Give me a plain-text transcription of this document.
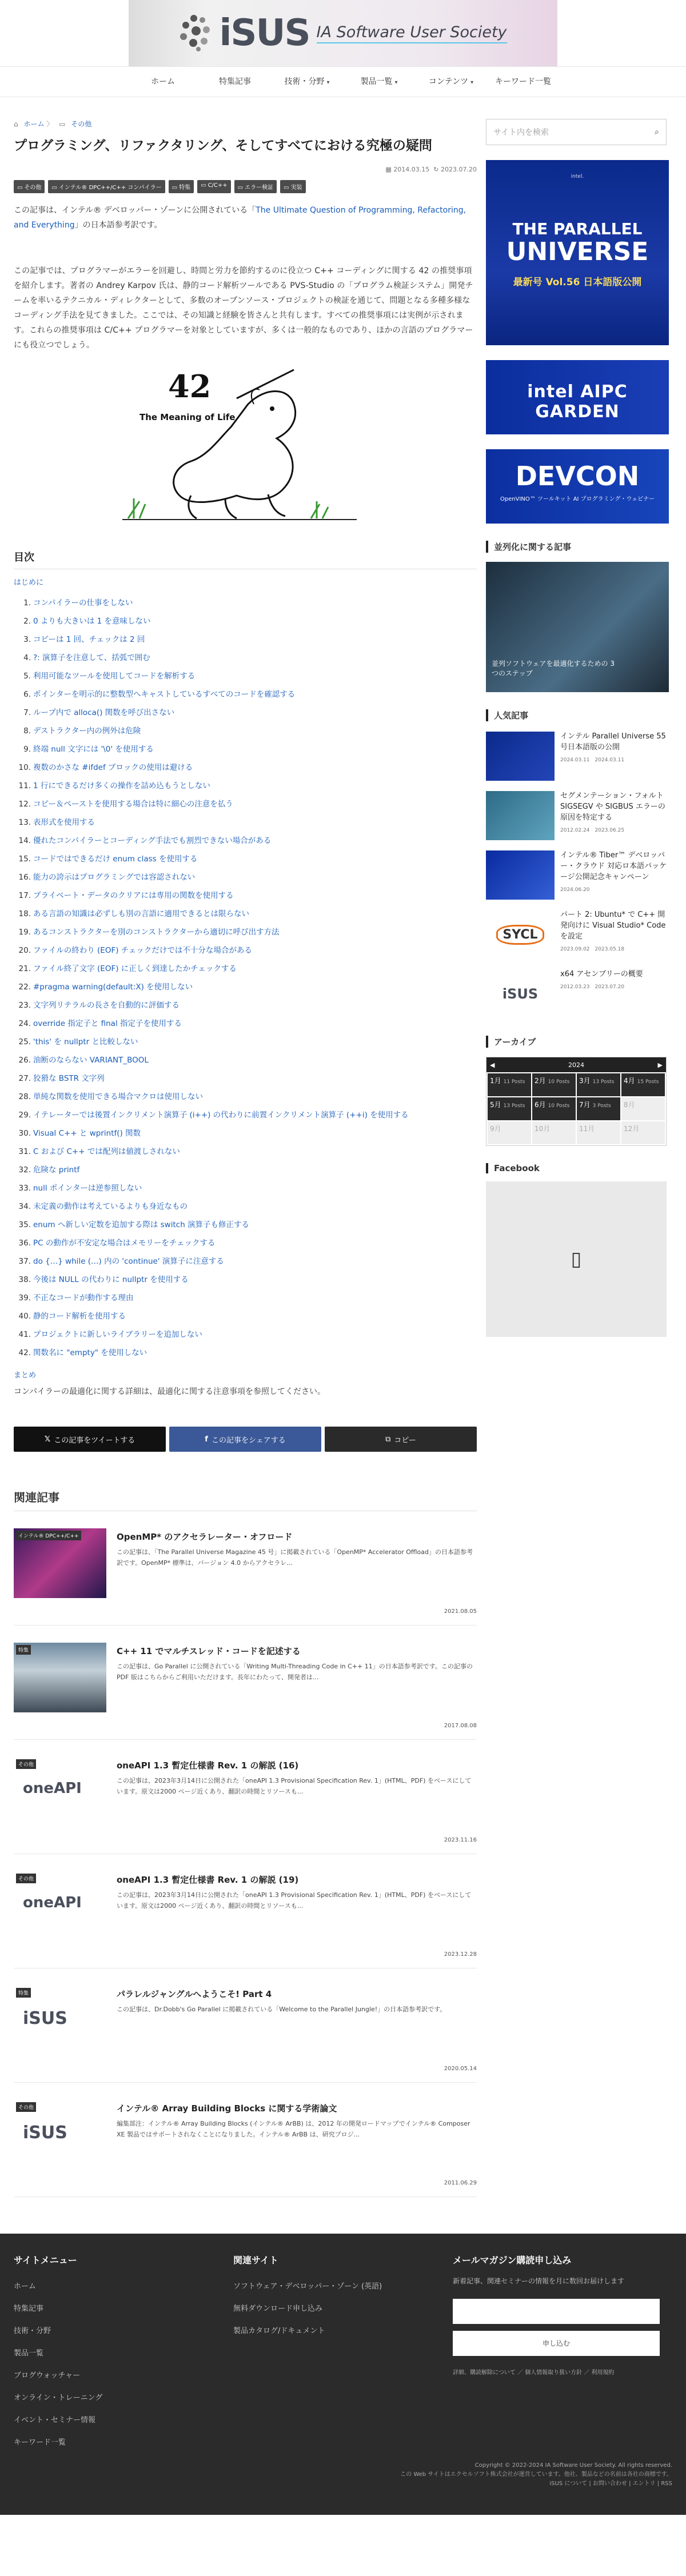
iSUS IA Software User Society
ホーム	特集記事	技術・分野 ▾	製品一覧 ▾	コンテンツ ▾	キーワード一覧
⌂ ホーム 〉 ▭ その他
プログラミング、リファクタリング、そしてすべてにおける究極の疑問
▦ 2014.03.15 ↻ 2023.07.20
▭ その他	▭ インテル® DPC++/C++ コンパイラー	▭ 特集	▭ C/C++	▭ エラー検証	▭ 実装

この記事は、インテル® デベロッパー・ゾーンに公開されている「The Ultimate Question of Programming, Refactoring, and Everything」の日本語参考訳です。

この記事では、プログラマーがエラーを回避し、時間と労力を節約するのに役立つ C++ コーディングに関する 42 の推奨事項を紹介します。著者の Andrey Karpov 氏は、静的コード解析ツールである PVS-Studio の「プログラム検証システム」開発チームを率いるテクニカル・ディレクターとして、多数のオープンソース・プロジェクトの検証を通じて、問題となる多種多様なコーディング手法を見てきました。ここでは、その知識と経験を皆さんと共有します。すべての推奨事項には実例が示されます。これらの推奨事項は C/C++ プログラマーを対象としていますが、多くは一般的なものであり、ほかの言語のプログラマーにも役立つでしょう。

42
The Meaning of Life
目次
はじめに
1. コンパイラーの仕事をしない
2. 0 よりも大きいは 1 を意味しない
3. コピーは 1 回、チェックは 2 回
4. ?: 演算子を注意して、括弧で囲む
5. 利用可能なツールを使用してコードを解析する
6. ポインターを明示的に整数型へキャストしているすべてのコードを確認する
7. ループ内で alloca() 関数を呼び出さない
8. デストラクター内の例外は危険
9. 終端 null 文字には '\0' を使用する
10. 複数のかさな #ifdef ブロックの使用は避ける
11. 1 行にできるだけ多くの操作を詰め込もうとしない
12. コピー＆ペーストを使用する場合は特に細心の注意を払う
13. 表形式を使用する
14. 優れたコンパイラーとコーディング手法でも割烈できない場合がある
15. コードではできるだけ enum class を使用する
16. 能力の誇示はプログラミングでは容認されない
17. プライベート・データのクリアには専用の関数を使用する
18. ある言語の知識は必ずしも別の言語に適用できるとは限らない
19. あるコンストラクターを別のコンストラクターから適切に呼び出す方法
20. ファイルの終わり (EOF) チェックだけでは不十分な場合がある
21. ファイル終了文字 (EOF) に正しく到達したかチェックする
22. #pragma warning(default:X) を使用しない
23. 文字列リテラルの長さを自動的に評価する
24. override 指定子と final 指定子を使用する
25. 'this' を nullptr と比較しない
26. 油断のならない VARIANT_BOOL
27. 狡猾な BSTR 文字列
28. 単純な関数を使用できる場合マクロは使用しない
29. イテレーターでは後置インクリメント演算子 (i++) の代わりに前置インクリメント演算子 (++i) を使用する
30. Visual C++ と wprintf() 関数
31. C および C++ では配列は値渡しされない
32. 危険な printf
33. null ポインターは逆参照しない
34. 未定義の動作は考えているよりも身近なもの
35. enum へ新しい定数を追加する際は switch 演算子も修正する
36. PC の動作が不安定な場合はメモリーをチェックする
37. do {…} while (…) 内の 'continue' 演算子に注意する
38. 今後は NULL の代わりに nullptr を使用する
39. 不正なコードが動作する理由
40. 静的コード解析を使用する
41. プロジェクトに新しいライブラリーを追加しない
42. 関数名に "empty" を使用しない
まとめ

コンパイラーの最適化に関する詳細は、最適化に関する注意事項を参照してください。

𝕏 この記事をツイートする	f この記事をシェアする	⧉ コピー
関連記事
インテル® DPC++/C++	OpenMP* のアクセラレーター・オフロード

この記事は、「The Parallel Universe Magazine 45 号」に掲載されている「OpenMP* Accelerator Offload」の日本語参考訳です。OpenMP* 標準は、バージョン 4.0 からアクセラレ...

2021.08.05
特集	C++ 11 でマルチスレッド・コードを記述する

この記事は、Go Parallel に公開されている「Writing Multi-Threading Code in C++ 11」の日本語参考訳です。この記事の PDF 版はこちらからご利用いただけます。長年にわたって、開発者は...

2017.08.08
oneAPI
その他	oneAPI 1.3 暫定仕様書 Rev. 1 の解説 (16)

この記事は、2023年3月14日に公開された「oneAPI 1.3 Provisional Specification Rev. 1」(HTML、PDF) をベースにしています。原文は2000 ページ近くあり、翻訳の時間とリソースも...

2023.11.16
oneAPI
その他	oneAPI 1.3 暫定仕様書 Rev. 1 の解説 (19)

この記事は、2023年3月14日に公開された「oneAPI 1.3 Provisional Specification Rev. 1」(HTML、PDF) をベースにしています。原文は2000 ページ近くあり、翻訳の時間とリソースも...

2023.12.28
iSUS
特集	パラレルジャングルへようこそ! Part 4

この記事は、Dr.Dobb's Go Parallel に掲載されている「Welcome to the Parallel Jungle!」の日本語参考訳です。

2020.05.14
iSUS
その他	インテル® Array Building Blocks に関する学術論文

編集部注：インテル® Array Building Blocks (インテル® ArBB) は、2012 年の開発ロードマップでインテル® Composer XE 製品ではサポートされなくことになりました。インテル® ArBB は、研究プロジ...

2011.06.29
サイト内を検索	⌕
intel.
THE PARALLEL
UNIVERSE
最新号 Vol.56 日本語版公開
intel AIPC GARDEN
DEVCON
OpenVINO™ ツールキット AI プログラミング・ウェビナー
並列化に関する記事
並列ソフトウェアを最適化するための 3 つのステップ
人気記事
インテル Parallel Universe 55 号日本語版の公開
2024.03.11　2024.03.11
セグメンテーション・フォルト SIGSEGV や SIGBUS エラーの原因を特定する
2012.02.24　2023.06.25
インテル® Tiber™ デベロッパー・クラウド 対応ロ本語パッケージ公開記念キャンペーン
2024.06.20
SYCL
パート 2: Ubuntu* で C++ 開発向けに Visual Studio* Code を設定
2023.09.02　2023.05.18
iSUS
x64 アセンブリーの概要
2012.03.23　2023.07.20
アーカイブ
◀	2024	▶
1月 11 Posts	2月 10 Posts	3月 13 Posts	4月 15 Posts
5月 13 Posts	6月 10 Posts	7月 3 Posts	8月
9月	10月	11月	12月
Facebook
▯
サイトメニュー
ホーム
特集記事
技術・分野
製品一覧
ブログウォッチャー
オンライン・トレーニング
イベント・セミナー情報
キーワード一覧
関連サイト
ソフトウェア・デベロッパー・ゾーン (英語)
無料ダウンロード申し込み
製品カタログ/ドキュメント
メールマガジン購読申し込み
新着記事、関連セミナーの情報を月に数回お届けします
申し込む
詳細、購読解除について ／ 個人情報取り扱い方針 ／ 利用規約
Copyright © 2022-2024 IA Software User Society. All rights reserved.
この Web サイトはエクセルソフト株式会社が運営しています。他社、製品などの名前は各社の商標です。
iSUS について | お問い合わせ | エントリ | RSS
